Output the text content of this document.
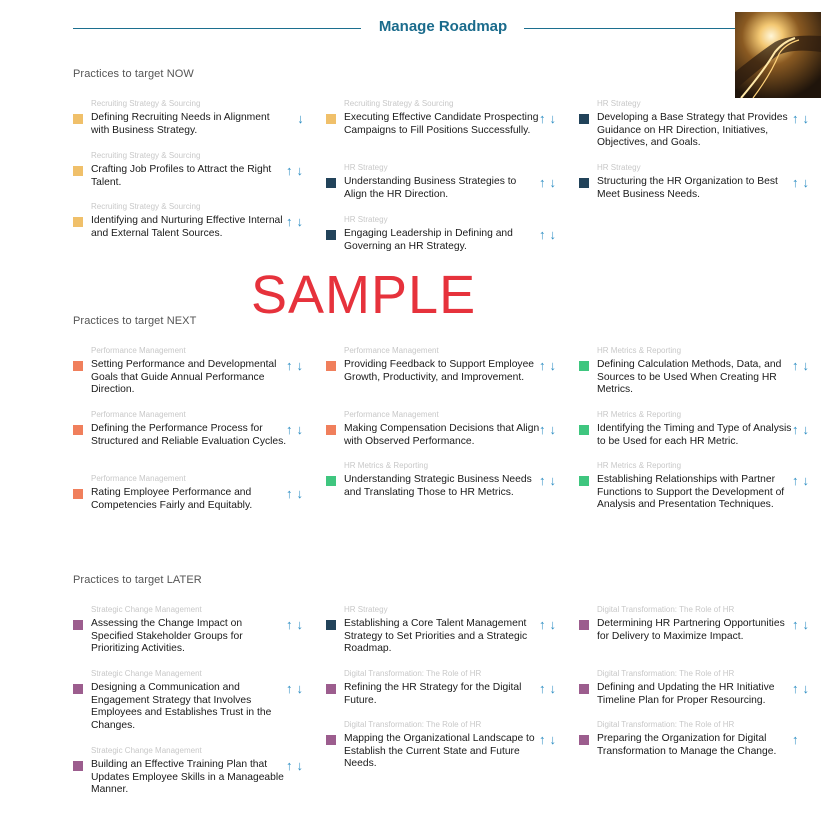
Manage Roadmap
SAMPLE
Practices to target NOW
Recruiting Strategy & Sourcing
Defining Recruiting Needs in Alignment with Business Strategy.
↓
Recruiting Strategy & Sourcing
Crafting Job Profiles to Attract the Right Talent.
↑ ↓
Recruiting Strategy & Sourcing
Identifying and Nurturing Effective Internal and External Talent Sources.
↑ ↓
Recruiting Strategy & Sourcing
Executing Effective Candidate Prospecting Campaigns to Fill Positions Successfully.
↑ ↓
HR Strategy
Understanding Business Strategies to Align the HR Direction.
↑ ↓
HR Strategy
Engaging Leadership in Defining and Governing an HR Strategy.
↑ ↓
HR Strategy
Developing a Base Strategy that Provides Guidance on HR Direction, Initiatives, Objectives, and Goals.
↑ ↓
HR Strategy
Structuring the HR Organization to Best Meet Business Needs.
↑ ↓
Practices to target NEXT
Performance Management
Setting Performance and Developmental Goals that Guide Annual Performance Direction.
↑ ↓
Performance Management
Defining the Performance Process for Structured and Reliable Evaluation Cycles.
↑ ↓
Performance Management
Rating Employee Performance and Competencies Fairly and Equitably.
↑ ↓
Performance Management
Providing Feedback to Support Employee Growth, Productivity, and Improvement.
↑ ↓
Performance Management
Making Compensation Decisions that Align with Observed Performance.
↑ ↓
HR Metrics & Reporting
Understanding Strategic Business Needs and Translating Those to HR Metrics.
↑ ↓
HR Metrics & Reporting
Defining Calculation Methods, Data, and Sources to be Used When Creating HR Metrics.
↑ ↓
HR Metrics & Reporting
Identifying the Timing and Type of Analysis to be Used for each HR Metric.
↑ ↓
HR Metrics & Reporting
Establishing Relationships with Partner Functions to Support the Development of Analysis and Presentation Techniques.
↑ ↓
Practices to target LATER
Strategic Change Management
Assessing the Change Impact on Specified Stakeholder Groups for Prioritizing Activities.
↑ ↓
Strategic Change Management
Designing a Communication and Engagement Strategy that Involves Employees and Establishes Trust in the Changes.
↑ ↓
Strategic Change Management
Building an Effective Training Plan that Updates Employee Skills in a Manageable Manner.
↑ ↓
HR Strategy
Establishing a Core Talent Management Strategy to Set Priorities and a Strategic Roadmap.
↑ ↓
Digital Transformation: The Role of HR
Refining the HR Strategy for the Digital Future.
↑ ↓
Digital Transformation: The Role of HR
Mapping the Organizational Landscape to Establish the Current State and Future Needs.
↑ ↓
Digital Transformation: The Role of HR
Determining HR Partnering Opportunities for Delivery to Maximize Impact.
↑ ↓
Digital Transformation: The Role of HR
Defining and Updating the HR Initiative Timeline Plan for Proper Resourcing.
↑ ↓
Digital Transformation: The Role of HR
Preparing the Organization for Digital Transformation to Manage the Change.
↑
